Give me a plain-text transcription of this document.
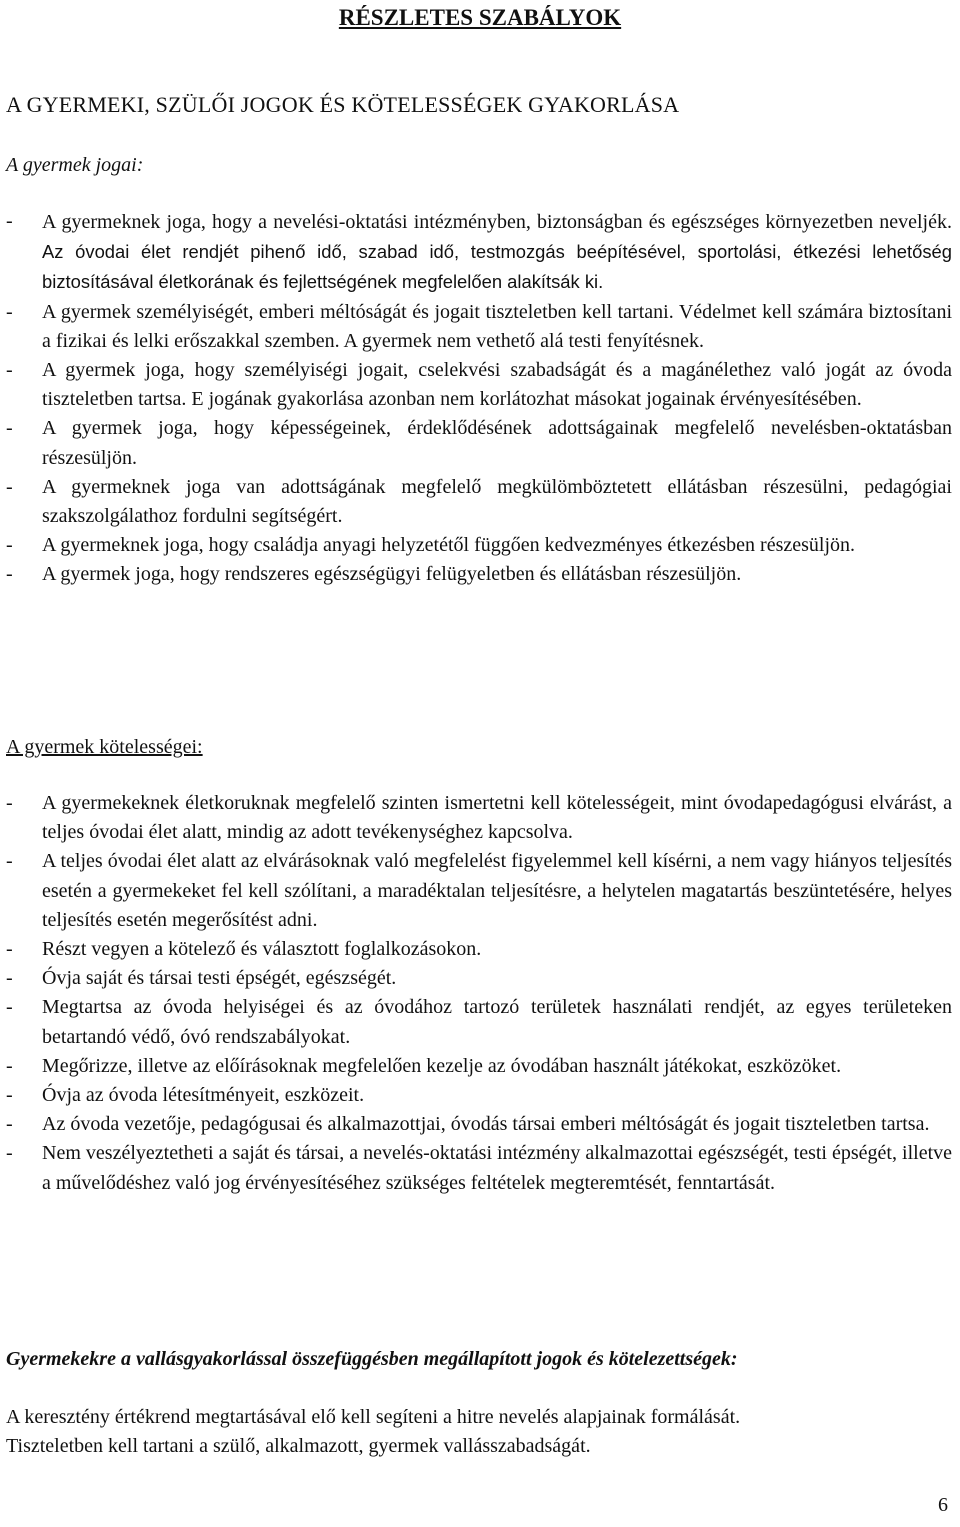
RÉSZLETES SZABÁLYOK
A GYERMEKI, SZÜLŐI JOGOK ÉS KÖTELESSÉGEK GYAKORLÁSA
A gyermek jogai:
- A gyermeknek joga, hogy a nevelési-oktatási intézményben, biztonságban és egészséges környezetben neveljék. Az óvodai élet rendjét pihenő idő, szabad idő, testmozgás beépítésével, sportolási, étkezési lehetőség biztosításával életkorának és fejlettségének megfelelően alakítsák ki.
- A gyermek személyiségét, emberi méltóságát és jogait tiszteletben kell tartani. Védelmet kell számára biztosítani a fizikai és lelki erőszakkal szemben. A gyermek nem vethető alá testi fenyítésnek.
- A gyermek joga, hogy személyiségi jogait, cselekvési szabadságát és a magánélethez való jogát az óvoda tiszteletben tartsa. E jogának gyakorlása azonban nem korlátozhat másokat jogainak érvényesítésében.
- A gyermek joga, hogy képességeinek, érdeklődésének adottságainak megfelelő nevelésben-oktatásban részesüljön.
- A gyermeknek joga van adottságának megfelelő megkülömböztetett ellátásban részesülni, pedagógiai szakszolgálathoz fordulni segítségért.
- A gyermeknek joga, hogy családja anyagi helyzetétől függően kedvezményes étkezésben részesüljön.
- A gyermek joga, hogy rendszeres egészségügyi felügyeletben és ellátásban részesüljön.
A gyermek kötelességei:
- A gyermekeknek életkoruknak megfelelő szinten ismertetni kell kötelességeit, mint óvodapedagógusi elvárást, a teljes óvodai élet alatt, mindig az adott tevékenységhez kapcsolva.
- A teljes óvodai élet alatt az elvárásoknak való megfelelést figyelemmel kell kísérni, a nem vagy hiányos teljesítés esetén a gyermekeket fel kell szólítani, a maradéktalan teljesítésre, a helytelen magatartás beszüntetésére, helyes teljesítés esetén megerősítést adni.
- Részt vegyen a kötelező és választott foglalkozásokon.
- Óvja saját és társai testi épségét, egészségét.
- Megtartsa az óvoda helyiségei és az óvodához tartozó területek használati rendjét, az egyes területeken betartandó védő, óvó rendszabályokat.
- Megőrizze, illetve az előírásoknak megfelelően kezelje az óvodában használt játékokat, eszközöket.
- Óvja az óvoda létesítményeit, eszközeit.
- Az óvoda vezetője, pedagógusai és alkalmazottjai, óvodás társai emberi méltóságát és jogait tiszteletben tartsa.
- Nem veszélyeztetheti a saját és társai, a nevelés-oktatási intézmény alkalmazottai egészségét, testi épségét, illetve a művelődéshez való jog érvényesítéséhez szükséges feltételek megteremtését, fenntartását.
Gyermekekre a vallásgyakorlással összefüggésben megállapított jogok és kötelezettségek:

A keresztény értékrend megtartásával elő kell segíteni a hitre nevelés alapjainak formálását.
Tiszteletben kell tartani a szülő, alkalmazott, gyermek vallásszabadságát.

6
